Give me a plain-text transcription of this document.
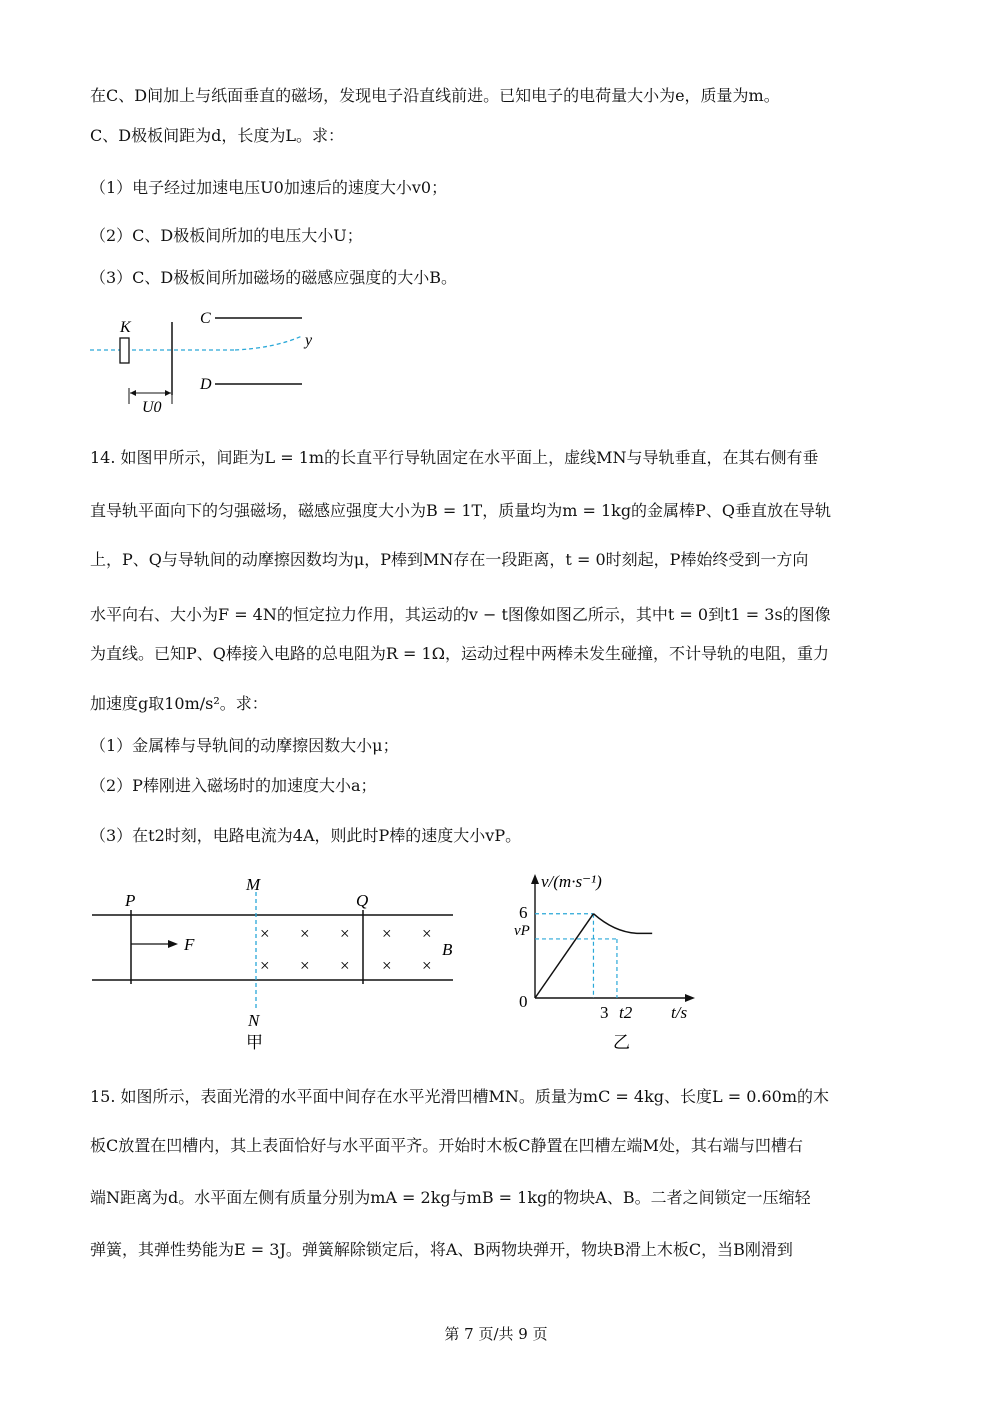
在C、D间加上与纸面垂直的磁场，发现电子沿直线前进。已知电子的电荷量大小为e，质量为m。
C、D极板间距为d，长度为L。求：
（1）电子经过加速电压U0加速后的速度大小v0；
（2）C、D极板间所加的电压大小U；
（3）C、D极板间所加磁场的磁感应强度的大小B。
K
C
D
y
U0
14. 如图甲所示，间距为L = 1m的长直平行导轨固定在水平面上，虚线MN与导轨垂直，在其右侧有垂
直导轨平面向下的匀强磁场，磁感应强度大小为B = 1T，质量均为m = 1kg的金属棒P、Q垂直放在导轨
上，P、Q与导轨间的动摩擦因数均为μ，P棒到MN存在一段距离，t = 0时刻起，P棒始终受到一方向
水平向右、大小为F = 4N的恒定拉力作用，其运动的v − t图像如图乙所示，其中t = 0到t1 = 3s的图像
为直线。已知P、Q棒接入电路的总电阻为R = 1Ω，运动过程中两棒未发生碰撞，不计导轨的电阻，重力
加速度g取10m/s²。求：
（1）金属棒与导轨间的动摩擦因数大小μ；
（2）P棒刚进入磁场时的加速度大小a；
（3）在t2时刻，电路电流为4A，则此时P棒的速度大小vP。
× × × × ×
× × × × ×
P
M
Q
F	B
N
甲
v/(m·s⁻¹)
t/s
0
6
vP
3 t2
乙
15. 如图所示，表面光滑的水平面中间存在水平光滑凹槽MN。质量为mC = 4kg、长度L = 0.60m的木
板C放置在凹槽内，其上表面恰好与水平面平齐。开始时木板C静置在凹槽左端M处，其右端与凹槽右
端N距离为d。水平面左侧有质量分别为mA = 2kg与mB = 1kg的物块A、B。二者之间锁定一压缩轻
弹簧，其弹性势能为E = 3J。弹簧解除锁定后，将A、B两物块弹开，物块B滑上木板C，当B刚滑到
第 7 页/共 9 页
